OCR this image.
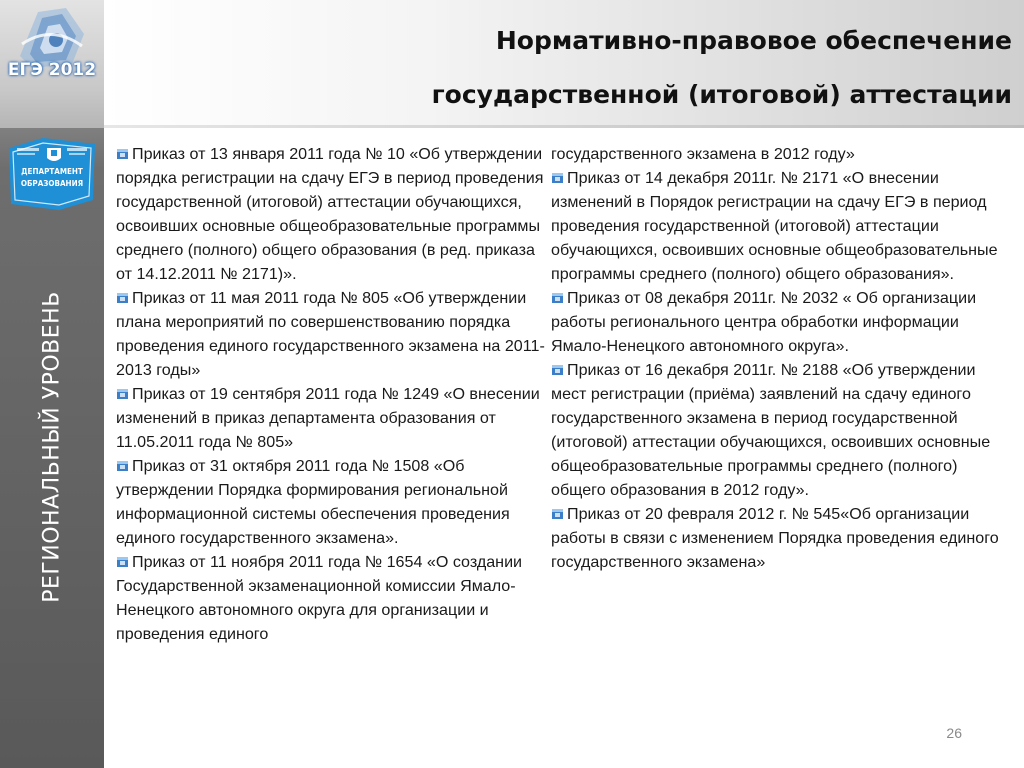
Нормативно-правовое обеспечение
государственной (итоговой) аттестации
ЕГЭ 2012
ДЕПАРТАМЕНТ
ОБРАЗОВАНИЯ
РЕГИОНАЛЬНЫЙ УРОВЕНЬ
Приказ от 13 января 2011 года № 10 «Об утверждении порядка регистрации на сдачу ЕГЭ в период проведения государственной (итоговой) аттестации обучающихся, освоивших основные общеобразовательные программы среднего (полного) общего образования (в ред. приказа от 14.12.2011 № 2171)».
Приказ от 11 мая 2011 года № 805 «Об утверждении плана мероприятий по совершенствованию порядка проведения единого государственного экзамена на 2011-2013 годы»
Приказ от 19 сентября 2011 года № 1249 «О внесении изменений в приказ департамента образования от 11.05.2011 года № 805»
Приказ от 31 октября 2011 года № 1508 «Об утверждении Порядка формирования региональной информационной системы обеспечения проведения единого государственного экзамена».
Приказ от 11 ноября 2011 года № 1654 «О создании Государственной экзаменационной комиссии Ямало-Ненецкого автономного округа для организации и проведения единого
государственного экзамена в 2012 году»
Приказ от 14 декабря 2011г. № 2171 «О внесении изменений в Порядок регистрации на сдачу ЕГЭ в период проведения государственной (итоговой) аттестации обучающихся, освоивших основные общеобразовательные программы среднего (полного) общего образования».
Приказ от 08 декабря 2011г. № 2032 « Об организации работы регионального центра обработки информации Ямало-Ненецкого автономного округа».
Приказ от 16 декабря 2011г. № 2188 «Об утверждении мест регистрации (приёма) заявлений на сдачу единого государственного экзамена в период государственной (итоговой) аттестации обучающихся, освоивших основные общеобразовательные программы среднего (полного) общего образования в 2012 году».
Приказ от 20 февраля 2012 г. № 545«Об организации работы в связи с изменением Порядка проведения единого государственного экзамена»
26
